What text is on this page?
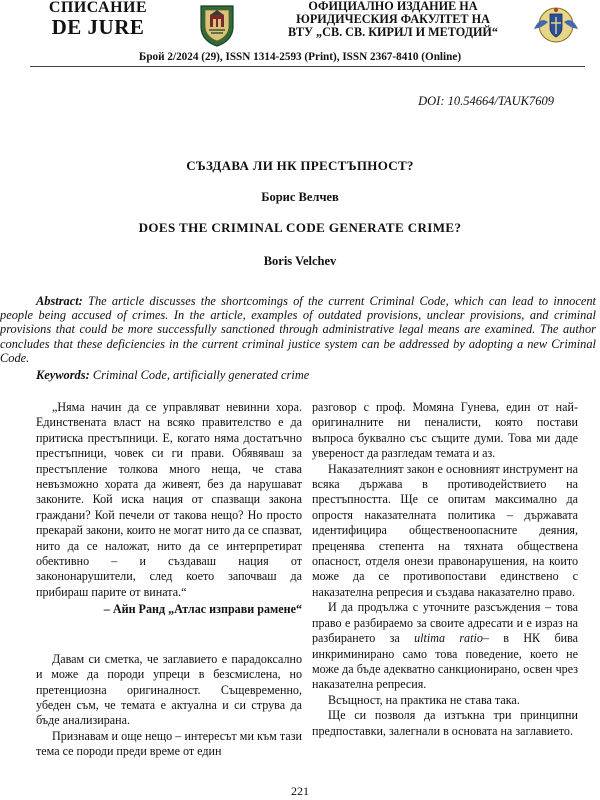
СПИСАНИЕ
DE JURE
ОФИЦИАЛНО ИЗДАНИЕ НА
ЮРИДИЧЕСКИЯ ФАКУЛТЕТ НА
ВТУ „СВ. СВ. КИРИЛ И МЕТОДИЙ“
Брой 2/2024 (29), ISSN 1314-2593 (Print), ISSN 2367-8410 (Online)
DOI: 10.54664/TAUK7609
СЪЗДАВА ЛИ НК ПРЕСТЪПНОСТ?
Борис Велчев
DOES THE CRIMINAL CODE GENERATE CRIME?
Boris Velchev
Abstract: The article discusses the shortcomings of the current Criminal Code, which can lead to innocent people being accused of crimes. In the article, examples of outdated provisions, unclear provisions, and criminal provisions that could be more successfully sanctioned through administrative legal means are examined. The author concludes that these deficiencies in the current criminal justice system can be addressed by adopting a new Criminal Code.
Keywords: Criminal Code, artificially generated crime

„Няма начин да се управляват невинни хора. Единствената власт на всяко правителство е да притиска престъпници. Е, когато няма достатъчно престъпници, човек си ги прави. Обявяваш за престъпление толкова много неща, че става невъзможно хората да живеят, без да нарушават законите. Кой иска нация от спазващи закона граждани? Кой печели от такова нещо? Но просто прекарай закони, които не могат нито да се спазват, нито да се наложат, нито да се интерпретират обективно – и създаваш нация от закононарушители, след което започваш да прибираш парите от вината.“

– Айн Ранд „Атлас изправи рамене“

Давам си сметка, че заглавието е парадоксално и може да породи упреци в безсмислена, но претенциозна оригиналност. Същевременно, убеден съм, че темата е актуална и си струва да бъде анализирана.

Признавам и още нещо – интересът ми към тази тема се породи преди време от един

разговор с проф. Момяна Гунева, един от най-оригиналните ни пеналисти, която постави въпроса буквално със същите думи. Това ми даде увереност да разгледам темата и аз.

Наказателният закон е основният инструмент на всяка държава в противодействието на престъпността. Ще се опитам максимално да опростя наказателната политика – държавата идентифицира общественоопасните деяния, преценява степента на тяхната обществена опасност, отделя онези правонарушения, на които може да се противопостави единствено с наказателна репресия и създава наказателно право.

И да продължа с уточните разсъждения – това право е разбираемо за своите адресати и е израз на разбирането за ultima ratio– в НК бива инкриминирано само това поведение, което не може да бъде адекватно санкционирано, освен чрез наказателна репресия.

Всъщност, на практика не става така.

Ще си позволя да изтъкна три принципни предпоставки, залегнали в основата на заглавието.

221
